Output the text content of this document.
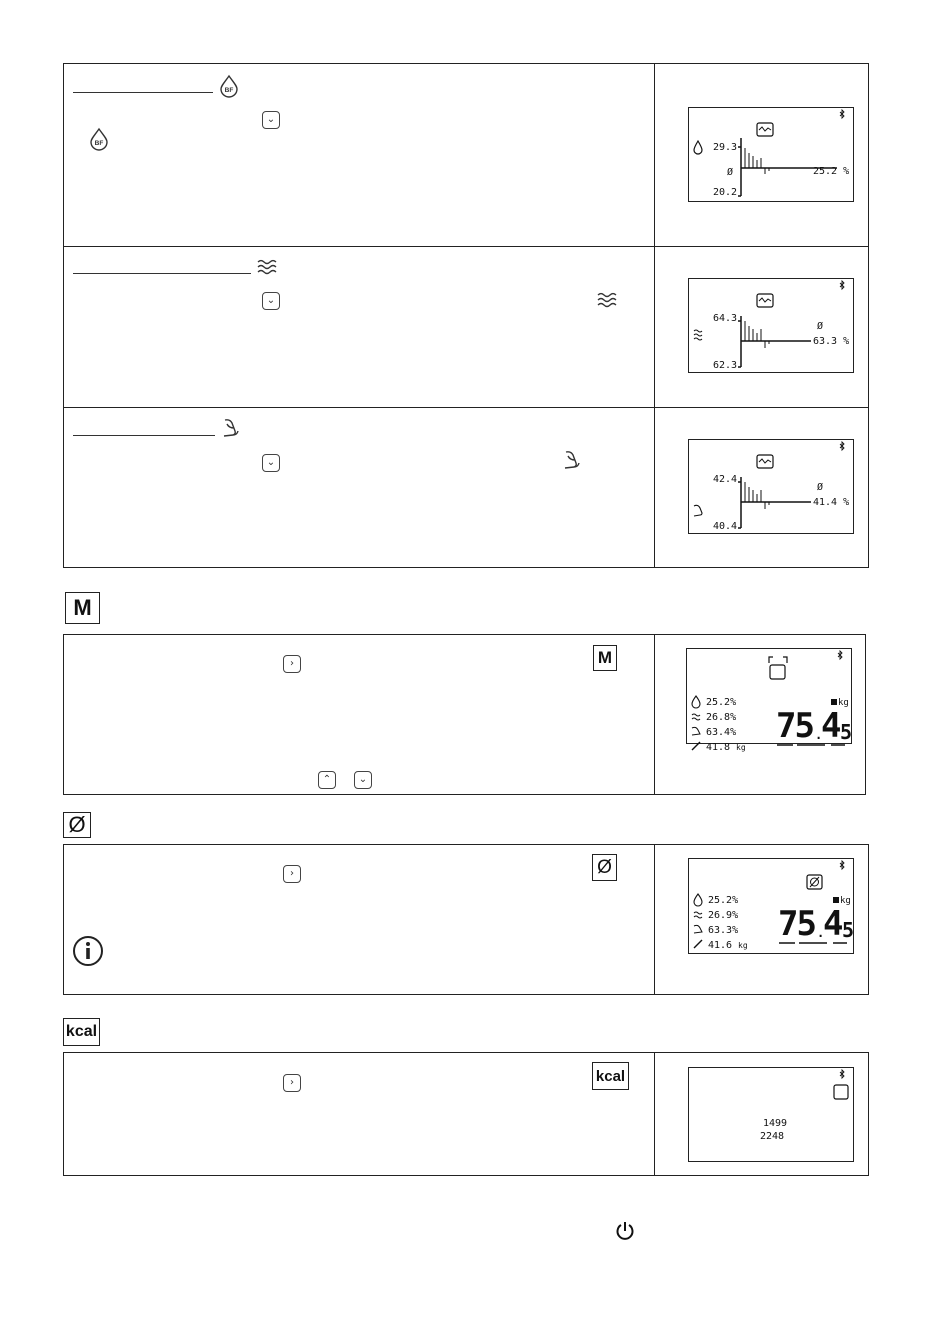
BF
⌄
BF
⌄
⌄
29.3
Ø
20.2
25.2 %
64.3
Ø
62.3
63.3 %
42.4
Ø
40.4
41.4 %
M
›	M
⌃	⌄
25.2%
26.8%
63.4%
41.8 kg
kg
75 .
4 5
Ø
›	Ø
25.2%
26.9%
63.3%
41.6 kg
kg
75 .
4 5
kcal
›	kcal
1499
2248
